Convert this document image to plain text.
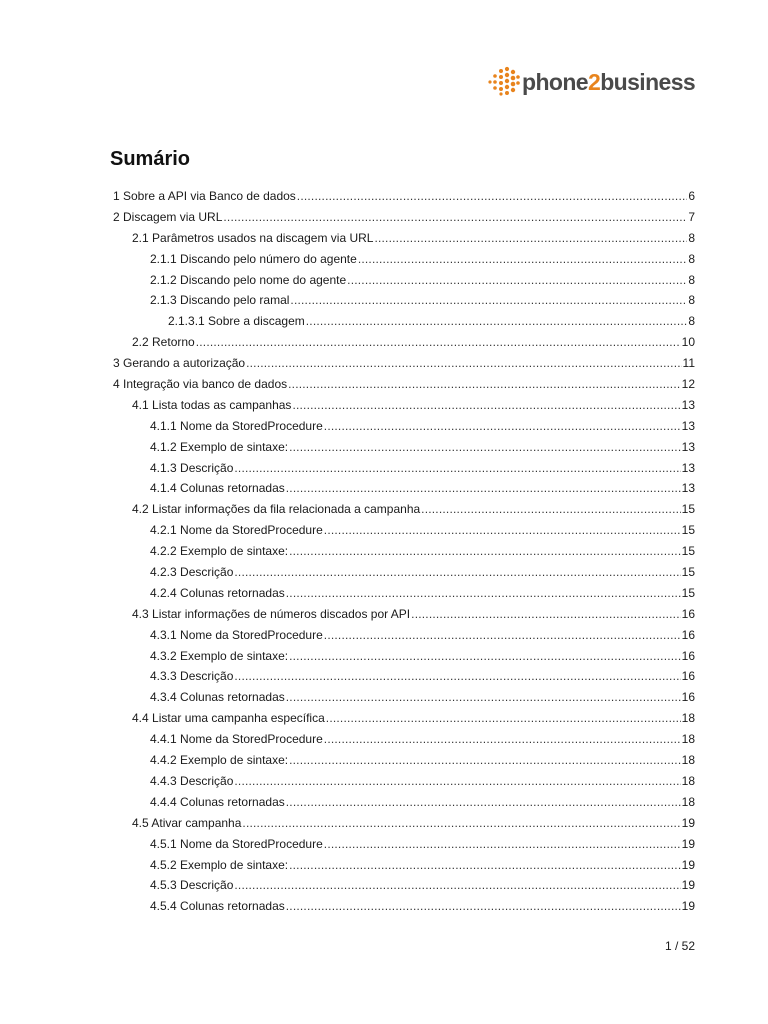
phone2business
Sumário
1 Sobre a API via Banco de dados .....	6
2 Discagem via URL .....	7
2.1 Parâmetros usados na discagem via URL .....	8
2.1.1 Discando pelo número do agente .....	8
2.1.2 Discando pelo nome do agente .....	8
2.1.3 Discando pelo ramal .....	8
2.1.3.1 Sobre a discagem .....	8
2.2 Retorno .....	10
3 Gerando a autorização .....	11
4 Integração via banco de dados .....	12
4.1 Lista todas as campanhas .....	13
4.1.1 Nome da StoredProcedure .....	13
4.1.2 Exemplo de sintaxe: .....	13
4.1.3 Descrição .....	13
4.1.4 Colunas retornadas .....	13
4.2 Listar informações da fila relacionada a campanha .....	15
4.2.1 Nome da StoredProcedure .....	15
4.2.2 Exemplo de sintaxe: .....	15
4.2.3 Descrição .....	15
4.2.4 Colunas retornadas .....	15
4.3 Listar informações de números discados por API .....	16
4.3.1 Nome da StoredProcedure .....	16
4.3.2 Exemplo de sintaxe: .....	16
4.3.3 Descrição .....	16
4.3.4 Colunas retornadas .....	16
4.4 Listar uma campanha específica .....	18
4.4.1 Nome da StoredProcedure .....	18
4.4.2 Exemplo de sintaxe: .....	18
4.4.3 Descrição .....	18
4.4.4 Colunas retornadas .....	18
4.5 Ativar campanha .....	19
4.5.1 Nome da StoredProcedure .....	19
4.5.2 Exemplo de sintaxe: .....	19
4.5.3 Descrição .....	19
4.5.4 Colunas retornadas .....	19
1 / 52
